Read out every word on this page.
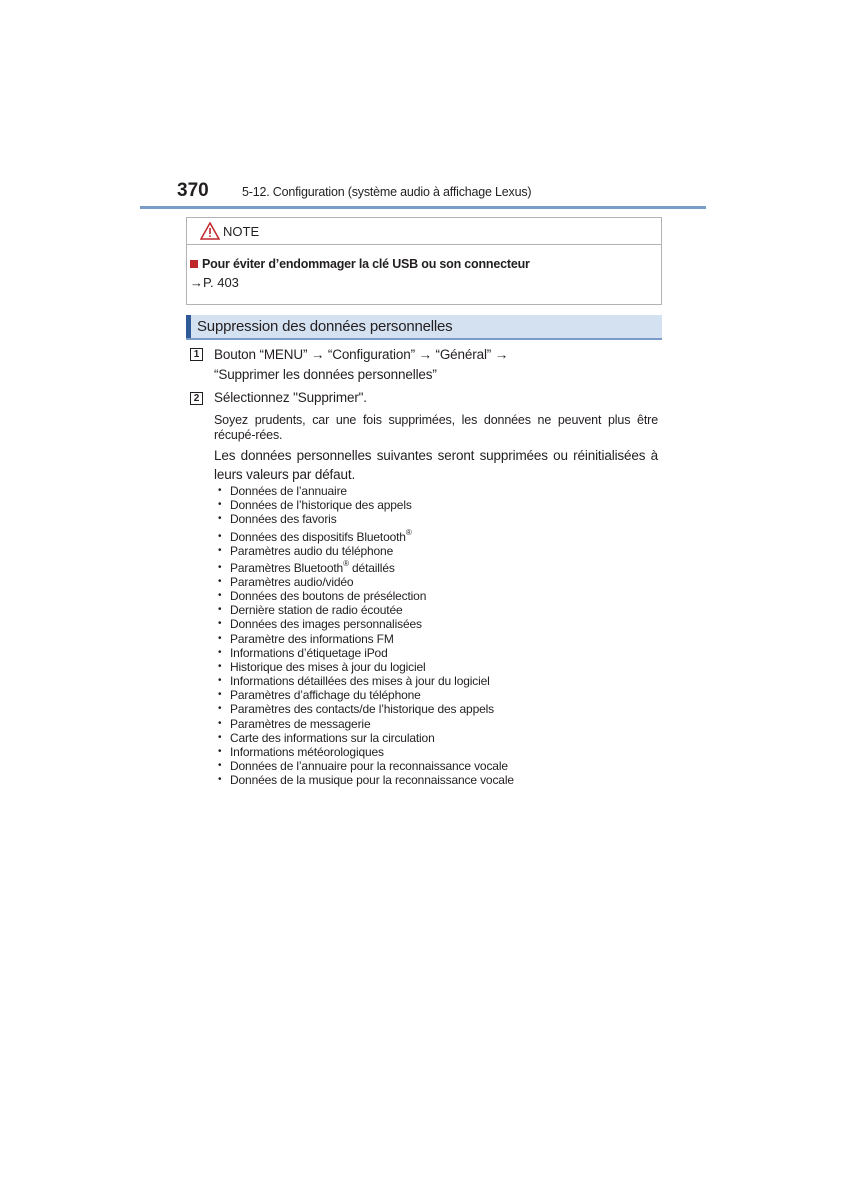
370	5-12. Configuration (système audio à affichage Lexus)
NOTE
Pour éviter d’endommager la clé USB ou son connecteur
→P. 403
Suppression des données personnelles
1 Bouton “MENU” → “Configuration” → “Général” →
“Supprimer les données personnelles”
2 Sélectionnez "Supprimer".
Soyez prudents, car une fois supprimées, les données ne peuvent plus être récupé-rées.
Les données personnelles suivantes seront supprimées ou réinitialisées à leurs valeurs par défaut.
• Données de l’annuaire
• Données de l’historique des appels
• Données des favoris
• Données des dispositifs Bluetooth®
• Paramètres audio du téléphone
• Paramètres Bluetooth® détaillés
• Paramètres audio/vidéo
• Données des boutons de présélection
• Dernière station de radio écoutée
• Données des images personnalisées
• Paramètre des informations FM
• Informations d’étiquetage iPod
• Historique des mises à jour du logiciel
• Informations détaillées des mises à jour du logiciel
• Paramètres d’affichage du téléphone
• Paramètres des contacts/de l’historique des appels
• Paramètres de messagerie
• Carte des informations sur la circulation
• Informations météorologiques
• Données de l’annuaire pour la reconnaissance vocale
• Données de la musique pour la reconnaissance vocale
